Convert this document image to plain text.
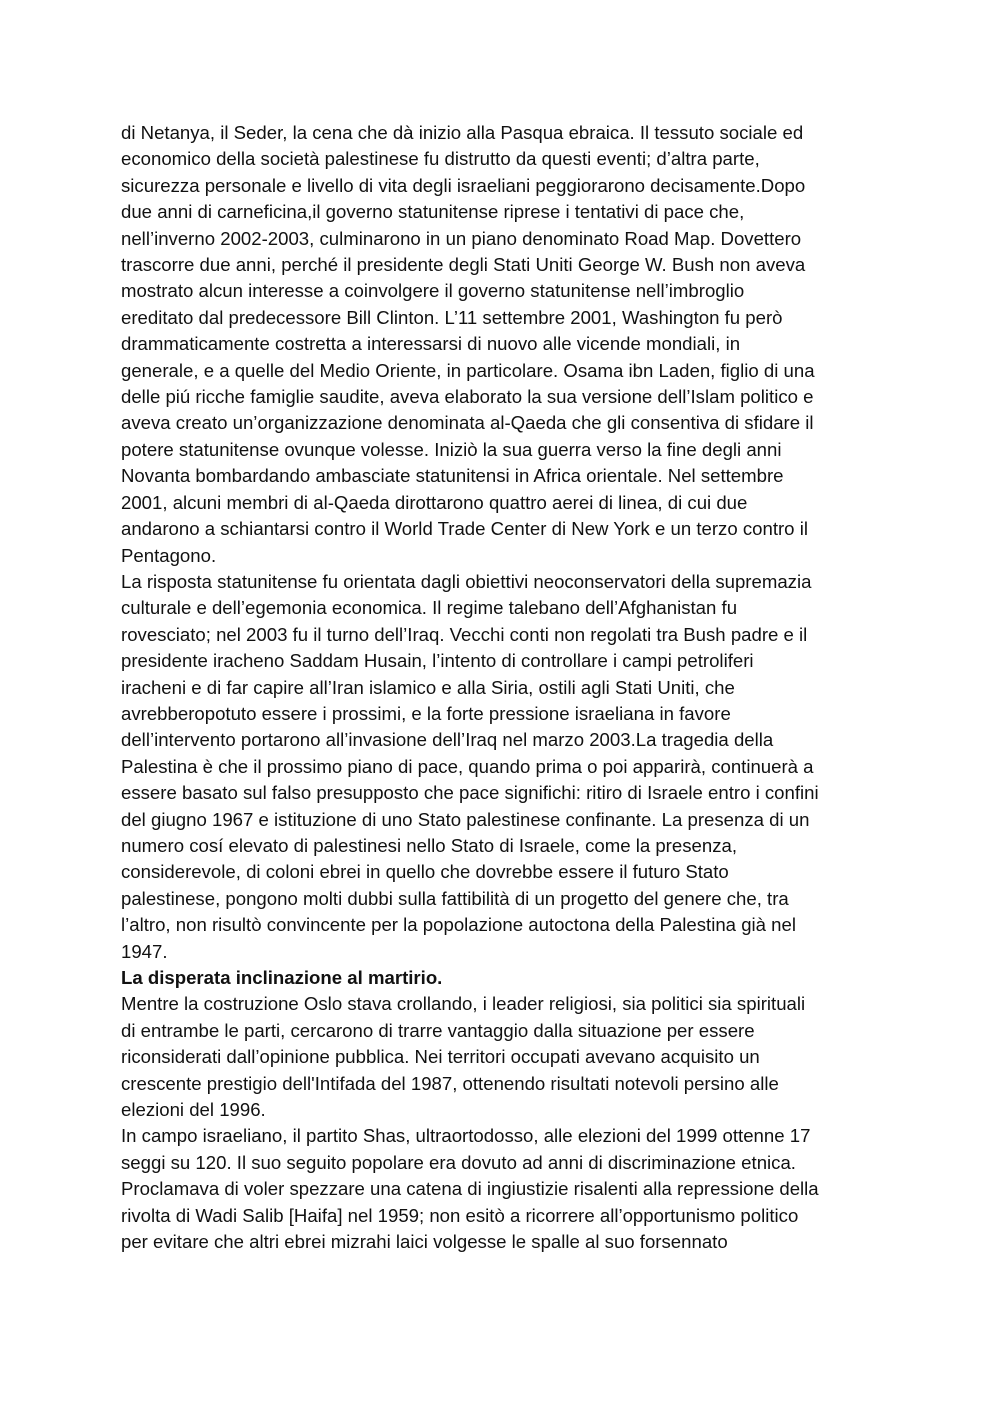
di Netanya, il Seder, la cena che dà inizio alla Pasqua ebraica. Il tessuto sociale ed
economico della società palestinese fu distrutto da questi eventi; d’altra parte,
sicurezza personale e livello di vita degli israeliani peggiorarono decisamente.Dopo
due anni di carneficina,il governo statunitense riprese i tentativi di pace che,
nell’inverno 2002-2003, culminarono in un piano denominato Road Map. Dovettero
trascorre due anni, perché il presidente degli Stati Uniti George W. Bush non aveva
mostrato alcun interesse a coinvolgere il governo statunitense nell’imbroglio
ereditato dal predecessore Bill Clinton. L’11 settembre 2001, Washington fu però
drammaticamente costretta a interessarsi di nuovo alle vicende mondiali, in
generale, e a quelle del Medio Oriente, in particolare. Osama ibn Laden, figlio di una
delle piú ricche famiglie saudite, aveva elaborato la sua versione dell’Islam politico e
aveva creato un’organizzazione denominata al-Qaeda che gli consentiva di sfidare il
potere statunitense ovunque volesse. Iniziò la sua guerra verso la fine degli anni
Novanta bombardando ambasciate statunitensi in Africa orientale. Nel settembre
2001, alcuni membri di al-Qaeda dirottarono quattro aerei di linea, di cui due
andarono a schiantarsi contro il World Trade Center di New York e un terzo contro il
Pentagono.
La risposta statunitense fu orientata dagli obiettivi neoconservatori della supremazia
culturale e dell’egemonia economica. Il regime talebano dell’Afghanistan fu
rovesciato; nel 2003 fu il turno dell’Iraq. Vecchi conti non regolati tra Bush padre e il
presidente iracheno Saddam Husain, l’intento di controllare i campi petroliferi
iracheni e di far capire all’Iran islamico e alla Siria, ostili agli Stati Uniti, che
avrebberopotuto essere i prossimi, e la forte pressione israeliana in favore
dell’intervento portarono all’invasione dell’Iraq nel marzo 2003.La tragedia della
Palestina è che il prossimo piano di pace, quando prima o poi apparirà, continuerà a
essere basato sul falso presupposto che pace significhi: ritiro di Israele entro i confini
del giugno 1967 e istituzione di uno Stato palestinese confinante. La presenza di un
numero cosí elevato di palestinesi nello Stato di Israele, come la presenza,
considerevole, di coloni ebrei in quello che dovrebbe essere il futuro Stato
palestinese, pongono molti dubbi sulla fattibilità di un progetto del genere che, tra
l’altro, non risultò convincente per la popolazione autoctona della Palestina già nel
1947.
La disperata inclinazione al martirio.
Mentre la costruzione Oslo stava crollando, i leader religiosi, sia politici sia spirituali
di entrambe le parti, cercarono di trarre vantaggio dalla situazione per essere
riconsiderati dall’opinione pubblica. Nei territori occupati avevano acquisito un
crescente prestigio dell'Intifada del 1987, ottenendo risultati notevoli persino alle
elezioni del 1996.
In campo israeliano, il partito Shas, ultraortodosso, alle elezioni del 1999 ottenne 17
seggi su 120. Il suo seguito popolare era dovuto ad anni di discriminazione etnica.
Proclamava di voler spezzare una catena di ingiustizie risalenti alla repressione della
rivolta di Wadi Salib [Haifa] nel 1959; non esitò a ricorrere all’opportunismo politico
per evitare che altri ebrei mizrahi laici volgesse le spalle al suo forsennato
